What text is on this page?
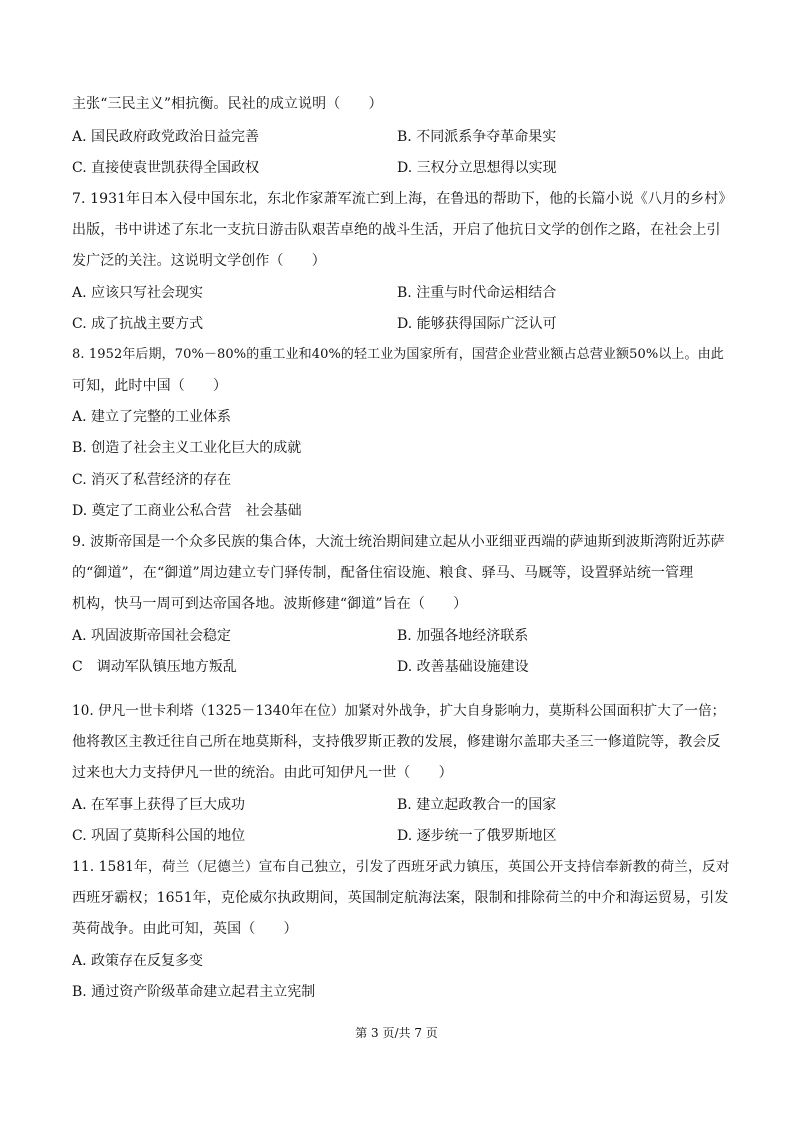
主张“三民主义”相抗衡。民社的成立说明（　　）
A. 国民政府政党政治日益完善	B. 不同派系争夺革命果实
C. 直接使袁世凯获得全国政权	D. 三权分立思想得以实现
7. 1931年日本入侵中国东北，东北作家萧军流亡到上海，在鲁迅的帮助下，他的长篇小说《八月的乡村》
出版，书中讲述了东北一支抗日游击队艰苦卓绝的战斗生活，开启了他抗日文学的创作之路，在社会上引
发广泛的关注。这说明文学创作（　　）
A. 应该只写社会现实	B. 注重与时代命运相结合
C. 成了抗战主要方式	D. 能够获得国际广泛认可
8. 1952年后期，70%－80%的重工业和40%的轻工业为国家所有，国营企业营业额占总营业额50%以上。由此
可知，此时中国（　　）
A. 建立了完整的工业体系
B. 创造了社会主义工业化巨大的成就
C. 消灭了私营经济的存在
D. 奠定了工商业公私合营　社会基础
9. 波斯帝国是一个众多民族的集合体，大流士统治期间建立起从小亚细亚西端的萨迪斯到波斯湾附近苏萨
的“御道”，在“御道”周边建立专门驿传制，配备住宿设施、粮食、驿马、马厩等，设置驿站统一管理
机构，快马一周可到达帝国各地。波斯修建“御道”旨在（　　）
A. 巩固波斯帝国社会稳定	B. 加强各地经济联系
C　调动军队镇压地方叛乱	D. 改善基础设施建设
10. 伊凡一世卡利塔（1325－1340年在位）加紧对外战争，扩大自身影响力，莫斯科公国面积扩大了一倍；
他将教区主教迁往自己所在地莫斯科，支持俄罗斯正教的发展，修建谢尔盖耶夫圣三一修道院等，教会反
过来也大力支持伊凡一世的统治。由此可知伊凡一世（　　）
A. 在军事上获得了巨大成功	B. 建立起政教合一的国家
C. 巩固了莫斯科公国的地位	D. 逐步统一了俄罗斯地区
11. 1581年，荷兰（尼德兰）宣布自己独立，引发了西班牙武力镇压，英国公开支持信奉新教的荷兰，反对
西班牙霸权；1651年，克伦威尔执政期间，英国制定航海法案，限制和排除荷兰的中介和海运贸易，引发
英荷战争。由此可知，英国（　　）
A. 政策存在反复多变
B. 通过资产阶级革命建立起君主立宪制
第 3 页/共 7 页
